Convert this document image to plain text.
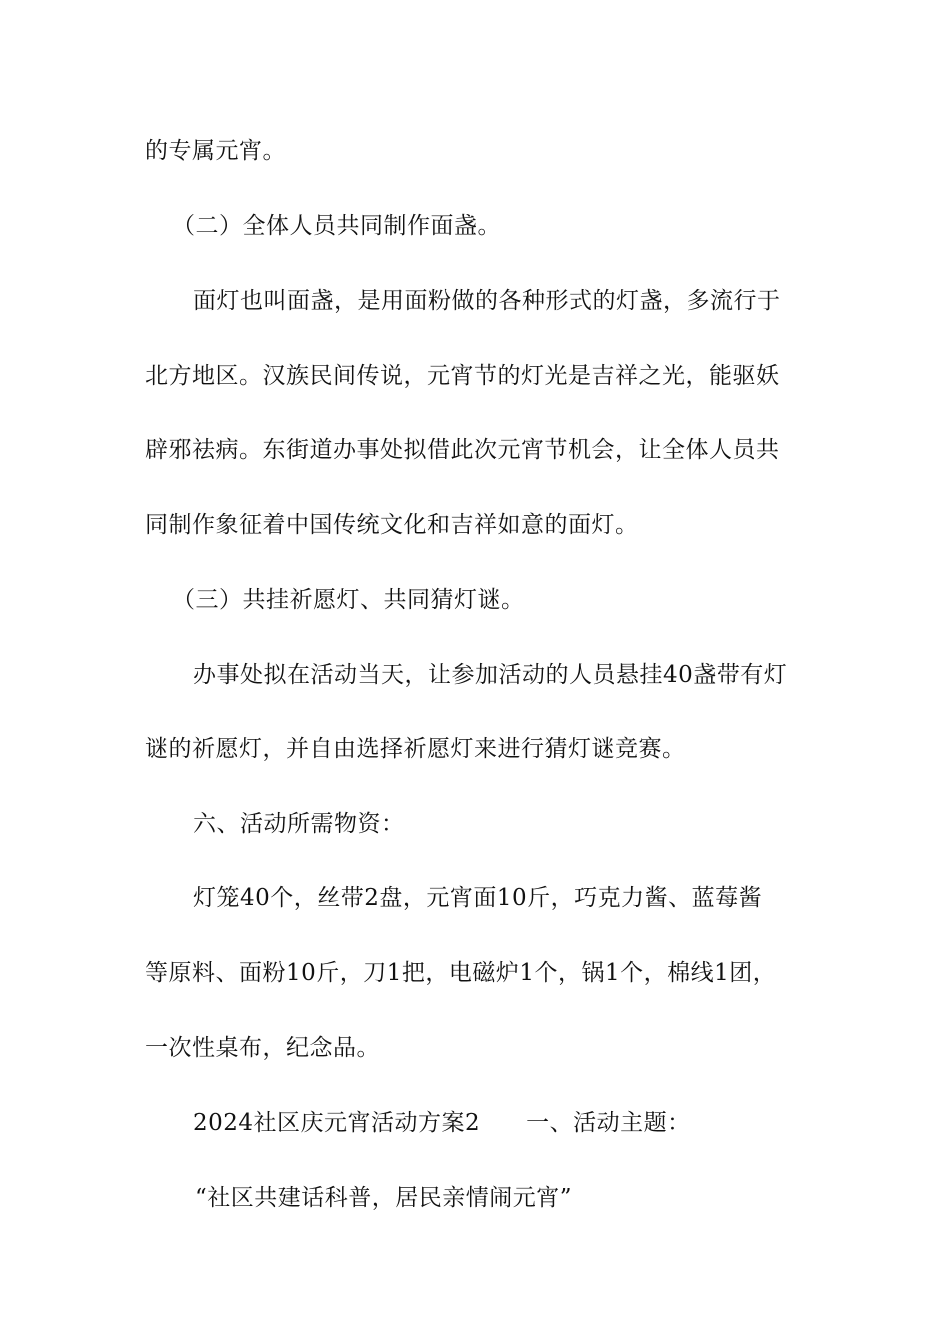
的专属元宵。
（二）全体人员共同制作面盏。
面灯也叫面盏，是用面粉做的各种形式的灯盏，多流行于
北方地区。汉族民间传说，元宵节的灯光是吉祥之光，能驱妖
辟邪祛病。东街道办事处拟借此次元宵节机会，让全体人员共
同制作象征着中国传统文化和吉祥如意的面灯。
（三）共挂祈愿灯、共同猜灯谜。
办事处拟在活动当天，让参加活动的人员悬挂40盏带有灯
谜的祈愿灯，并自由选择祈愿灯来进行猜灯谜竞赛。
六、活动所需物资：
灯笼40个，丝带2盘，元宵面10斤，巧克力酱、蓝莓酱
等原料、面粉10斤，刀1把，电磁炉1个，锅1个，棉线1团，
一次性桌布，纪念品。
2024社区庆元宵活动方案2 一、活动主题：
“社区共建话科普，居民亲情闹元宵”
